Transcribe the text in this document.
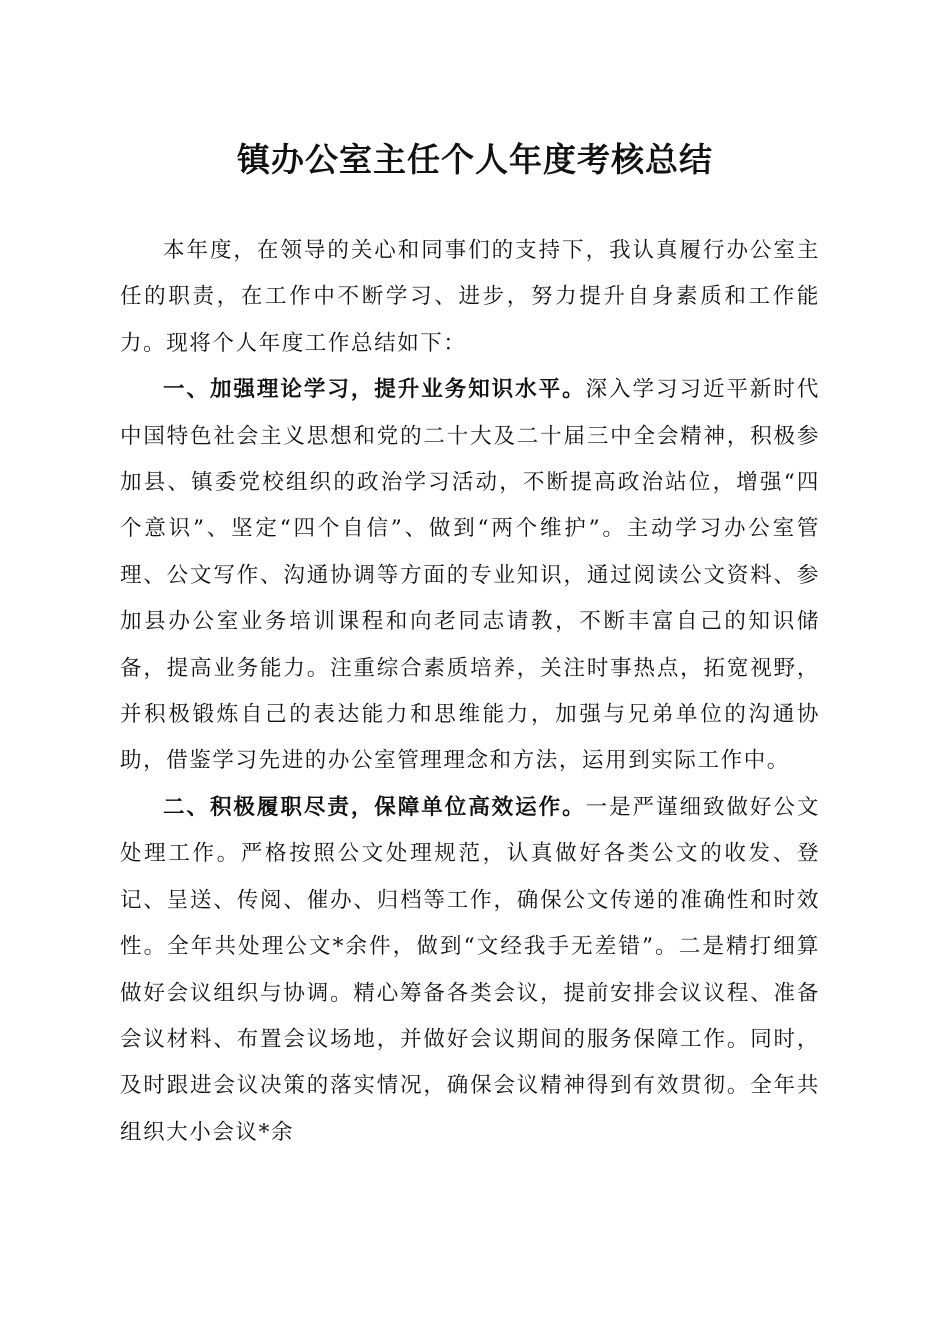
镇办公室主任个人年度考核总结

本年度，在领导的关心和同事们的支持下，我认真履行办公室主任的职责，在工作中不断学习、进步，努力提升自身素质和工作能力。现将个人年度工作总结如下：

一、加强理论学习，提升业务知识水平。深入学习习近平新时代中国特色社会主义思想和党的二十大及二十届三中全会精神，积极参加县、镇委党校组织的政治学习活动，不断提高政治站位，增强“四个意识”、坚定“四个自信”、做到“两个维护”。主动学习办公室管理、公文写作、沟通协调等方面的专业知识，通过阅读公文资料、参加县办公室业务培训课程和向老同志请教，不断丰富自己的知识储备，提高业务能力。注重综合素质培养，关注时事热点，拓宽视野，并积极锻炼自己的表达能力和思维能力，加强与兄弟单位的沟通协助，借鉴学习先进的办公室管理理念和方法，运用到实际工作中。

二、积极履职尽责，保障单位高效运作。一是严谨细致做好公文处理工作。严格按照公文处理规范，认真做好各类公文的收发、登记、呈送、传阅、催办、归档等工作，确保公文传递的准确性和时效性。全年共处理公文*余件，做到“文经我手无差错”。二是精打细算做好会议组织与协调。精心筹备各类会议，提前安排会议议程、准备会议材料、布置会议场地，并做好会议期间的服务保障工作。同时，及时跟进会议决策的落实情况，确保会议精神得到有效贯彻。全年共组织大小会议*余
